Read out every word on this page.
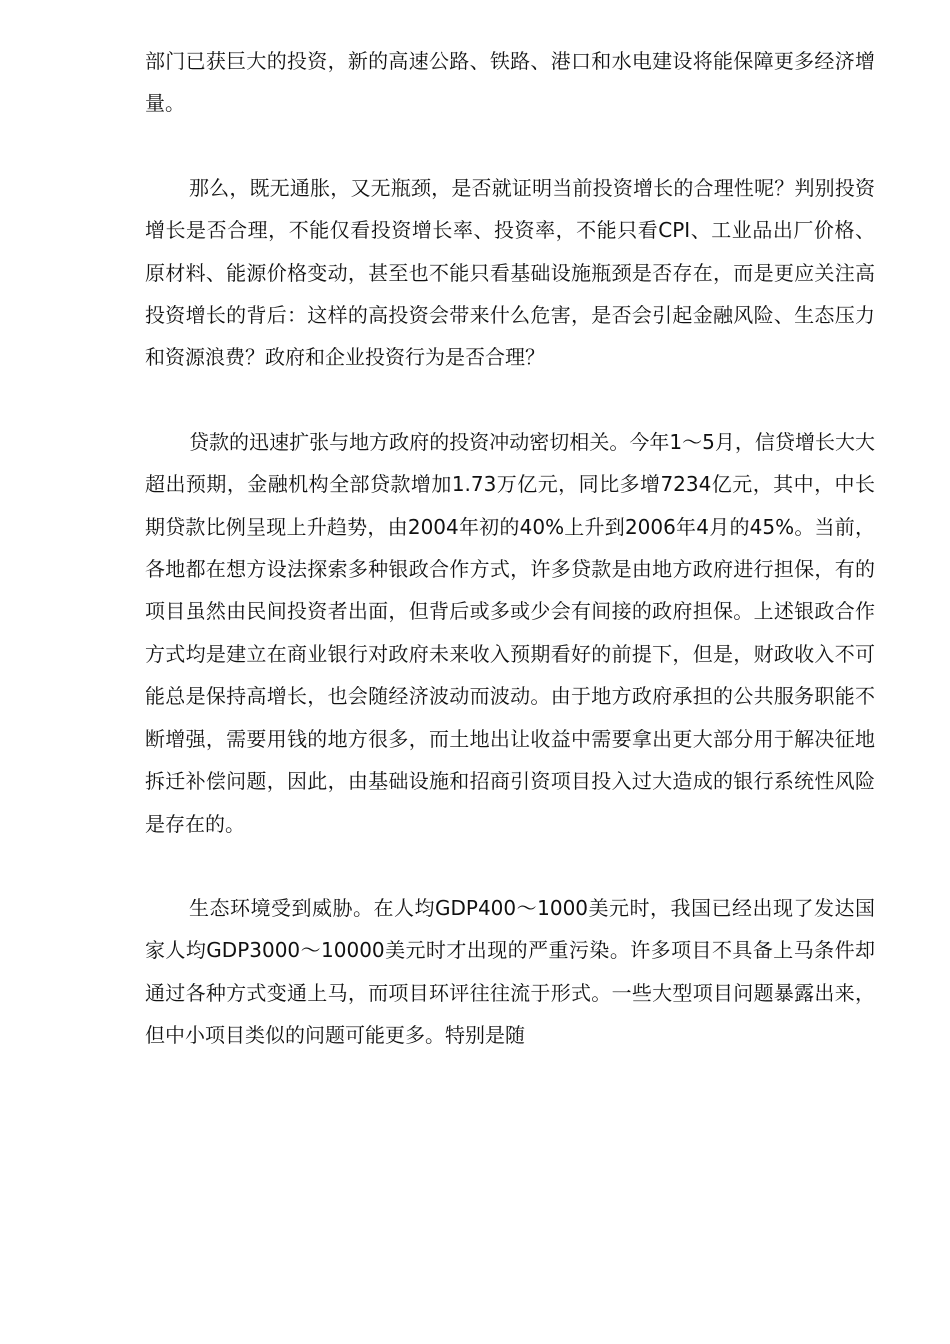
部门已获巨大的投资，新的高速公路、铁路、港口和水电建设将能保障更多经济增量。

那么，既无通胀，又无瓶颈，是否就证明当前投资增长的合理性呢？判别投资增长是否合理，不能仅看投资增长率、投资率，不能只看CPI、工业品出厂价格、原材料、能源价格变动，甚至也不能只看基础设施瓶颈是否存在，而是更应关注高投资增长的背后：这样的高投资会带来什么危害，是否会引起金融风险、生态压力和资源浪费？政府和企业投资行为是否合理？

贷款的迅速扩张与地方政府的投资冲动密切相关。今年1～5月，信贷增长大大超出预期，金融机构全部贷款增加1.73万亿元，同比多增7234亿元，其中，中长期贷款比例呈现上升趋势，由2004年初的40%上升到2006年4月的45%。当前，各地都在想方设法探索多种银政合作方式，许多贷款是由地方政府进行担保，有的项目虽然由民间投资者出面，但背后或多或少会有间接的政府担保。上述银政合作方式均是建立在商业银行对政府未来收入预期看好的前提下，但是，财政收入不可能总是保持高增长，也会随经济波动而波动。由于地方政府承担的公共服务职能不断增强，需要用钱的地方很多，而土地出让收益中需要拿出更大部分用于解决征地拆迁补偿问题，因此，由基础设施和招商引资项目投入过大造成的银行系统性风险是存在的。

生态环境受到威胁。在人均GDP400～1000美元时，我国已经出现了发达国家人均GDP3000～10000美元时才出现的严重污染。许多项目不具备上马条件却通过各种方式变通上马，而项目环评往往流于形式。一些大型项目问题暴露出来，但中小项目类似的问题可能更多。特别是随
